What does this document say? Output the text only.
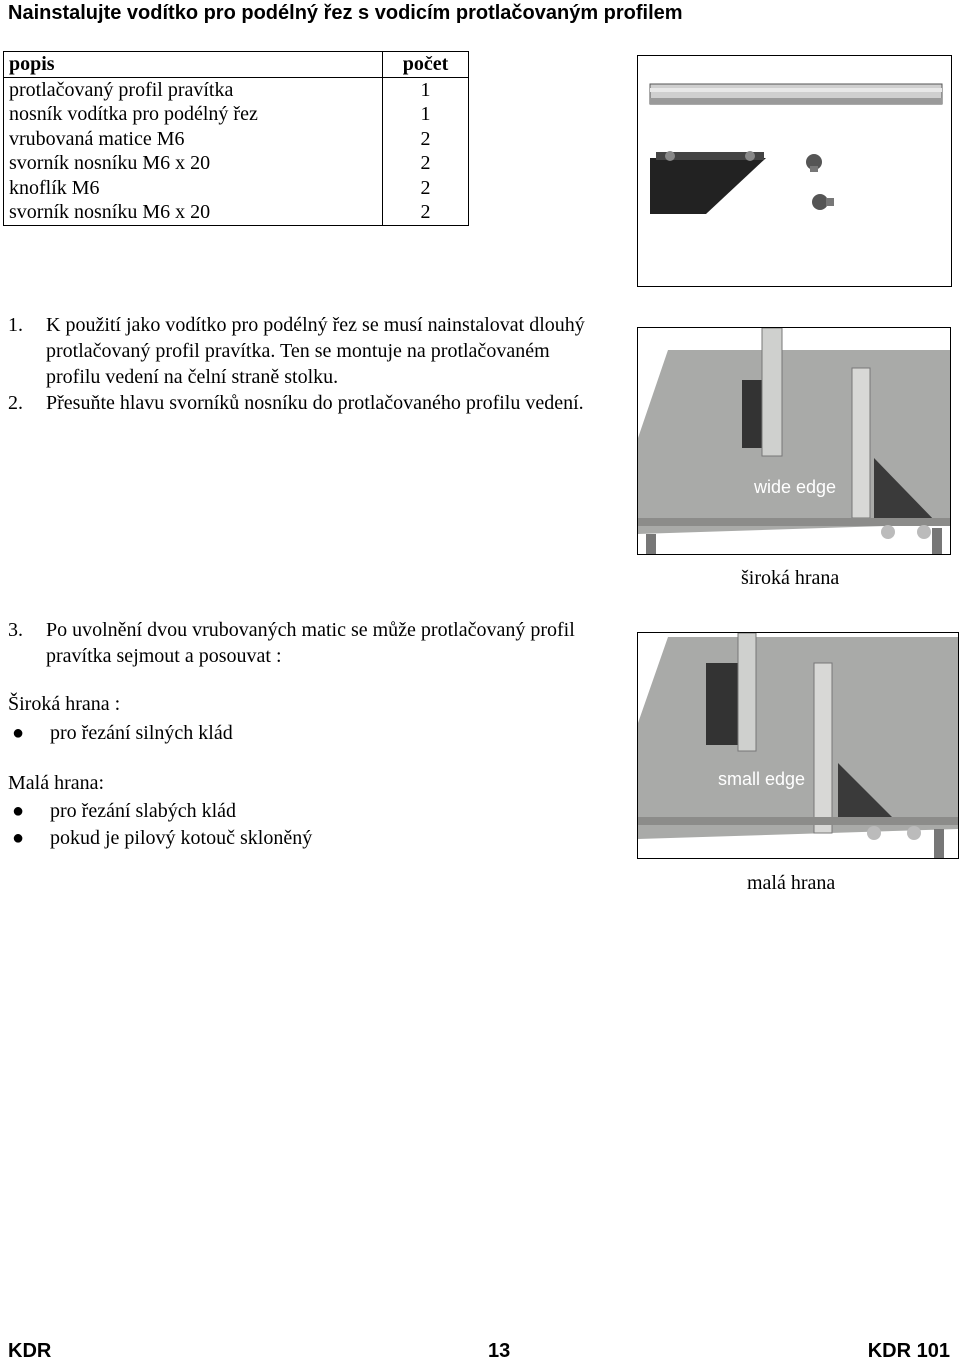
Nainstalujte vodítko pro podélný řez s vodicím protlačovaným profilem
popis	počet
protlačovaný profil pravítka	1
nosník vodítka pro podélný řez	1
vrubovaná matice M6	2
svorník nosníku M6 x 20	2
knoflík M6	2
svorník nosníku M6 x 20	2

1. K použití jako vodítko pro podélný řez se musí nainstalovat dlouhý protlačovaný profil pravítka. Ten se montuje na protlačovaném profilu vedení na čelní straně stolku.

2. Přesuňte hlavu svorníků nosníku do protlačovaného profilu vedení.

wide edge
široká hrana

3. Po uvolnění dvou vrubovaných matic se může protlačovaný profil pravítka sejmout a posouvat :

Široká hrana :
● pro řezání silných klád
Malá hrana:
● pro řezání slabých klád
● pokud je pilový kotouč skloněný
small edge
malá hrana
KDR	13	KDR 101
